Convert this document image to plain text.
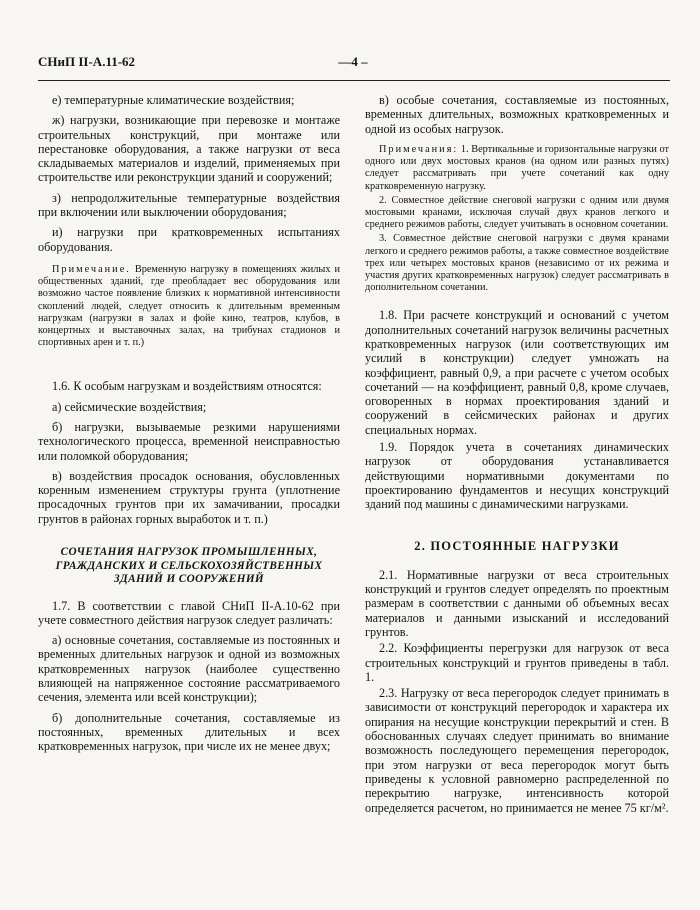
СНиП II-А.11-62	—4 –

е) температурные климатические воздействия;

ж) нагрузки, возникающие при перевозке и монтаже строительных конструкций, при монтаже или перестановке оборудования, а также нагрузки от веса складываемых материалов и изделий, применяемых при строительстве или реконструкции зданий и сооружений;

з) непродолжительные температурные воздействия при включении или выключении оборудования;

и) нагрузки при кратковременных испытаниях оборудования.

Примечание. Временную нагрузку в помещениях жилых и общественных зданий, где преобладает вес оборудования или возможно частое появление близких к нормативной интенсивности скоплений людей, следует относить к длительным временным нагрузкам (нагрузки в залах и фойе кино, театров, клубов, в концертных и выставочных залах, на трибунах стадионов и спортивных арен и т. п.)

1.6. К особым нагрузкам и воздействиям относятся:

а) сейсмические воздействия;

б) нагрузки, вызываемые резкими нарушениями технологического процесса, временной неисправностью или поломкой оборудования;

в) воздействия просадок основания, обусловленных коренным изменением структуры грунта (уплотнение просадочных грунтов при их замачивании, просадки грунтов в районах горных выработок и т. п.)

СОЧЕТАНИЯ НАГРУЗОК ПРОМЫШЛЕННЫХ, ГРАЖДАНСКИХ И СЕЛЬСКОХОЗЯЙСТВЕННЫХ ЗДАНИЙ И СООРУЖЕНИЙ

1.7. В соответствии с главой СНиП II-А.10-62 при учете совместного действия нагрузок следует различать:

а) основные сочетания, составляемые из постоянных и временных длительных нагрузок и одной из возможных кратковременных нагрузок (наиболее существенно влияющей на напряженное состояние рассматриваемого сечения, элемента или всей конструкции);

б) дополнительные сочетания, составляемые из постоянных, временных длительных и всех кратковременных нагрузок, при числе их не менее двух;

в) особые сочетания, составляемые из постоянных, временных длительных, возможных кратковременных и одной из особых нагрузок.

Примечания: 1. Вертикальные и горизонтальные нагрузки от одного или двух мостовых кранов (на одном или разных путях) следует рассматривать при учете сочетаний как одну кратковременную нагрузку.

2. Совместное действие снеговой нагрузки с одним или двумя мостовыми кранами, исключая случай двух кранов легкого и среднего режимов работы, следует учитывать в основном сочетании.

3. Совместное действие снеговой нагрузки с двумя кранами легкого и среднего режимов работы, а также совместное воздействие трех или четырех мостовых кранов (независимо от их режима и участия других кратковременных нагрузок) следует рассматривать в дополнительном сочетании.

1.8. При расчете конструкций и оснований с учетом дополнительных сочетаний нагрузок величины расчетных кратковременных нагрузок (или соответствующих им усилий в конструкции) следует умножать на коэффициент, равный 0,9, а при расчете с учетом особых сочетаний — на коэффициент, равный 0,8, кроме случаев, оговоренных в нормах проектирования зданий и сооружений в сейсмических районах и других специальных нормах.

1.9. Порядок учета в сочетаниях динамических нагрузок от оборудования устанавливается действующими нормативными документами по проектированию фундаментов и несущих конструкций зданий под машины с динамическими нагрузками.

2. ПОСТОЯННЫЕ НАГРУЗКИ

2.1. Нормативные нагрузки от веса строительных конструкций и грунтов следует определять по проектным размерам в соответствии с данными об объемных весах материалов и данными изысканий и исследований грунтов.

2.2. Коэффициенты перегрузки для нагрузок от веса строительных конструкций и грунтов приведены в табл. 1.

2.3. Нагрузку от веса перегородок следует принимать в зависимости от конструкций перегородок и характера их опирания на несущие конструкции перекрытий и стен. В обоснованных случаях следует принимать во внимание возможность последующего перемещения перегородок, при этом нагрузки от веса перегородок могут быть приведены к условной равномерно распределенной по перекрытию нагрузке, интенсивность которой определяется расчетом, но принимается не менее 75 кг/м².
